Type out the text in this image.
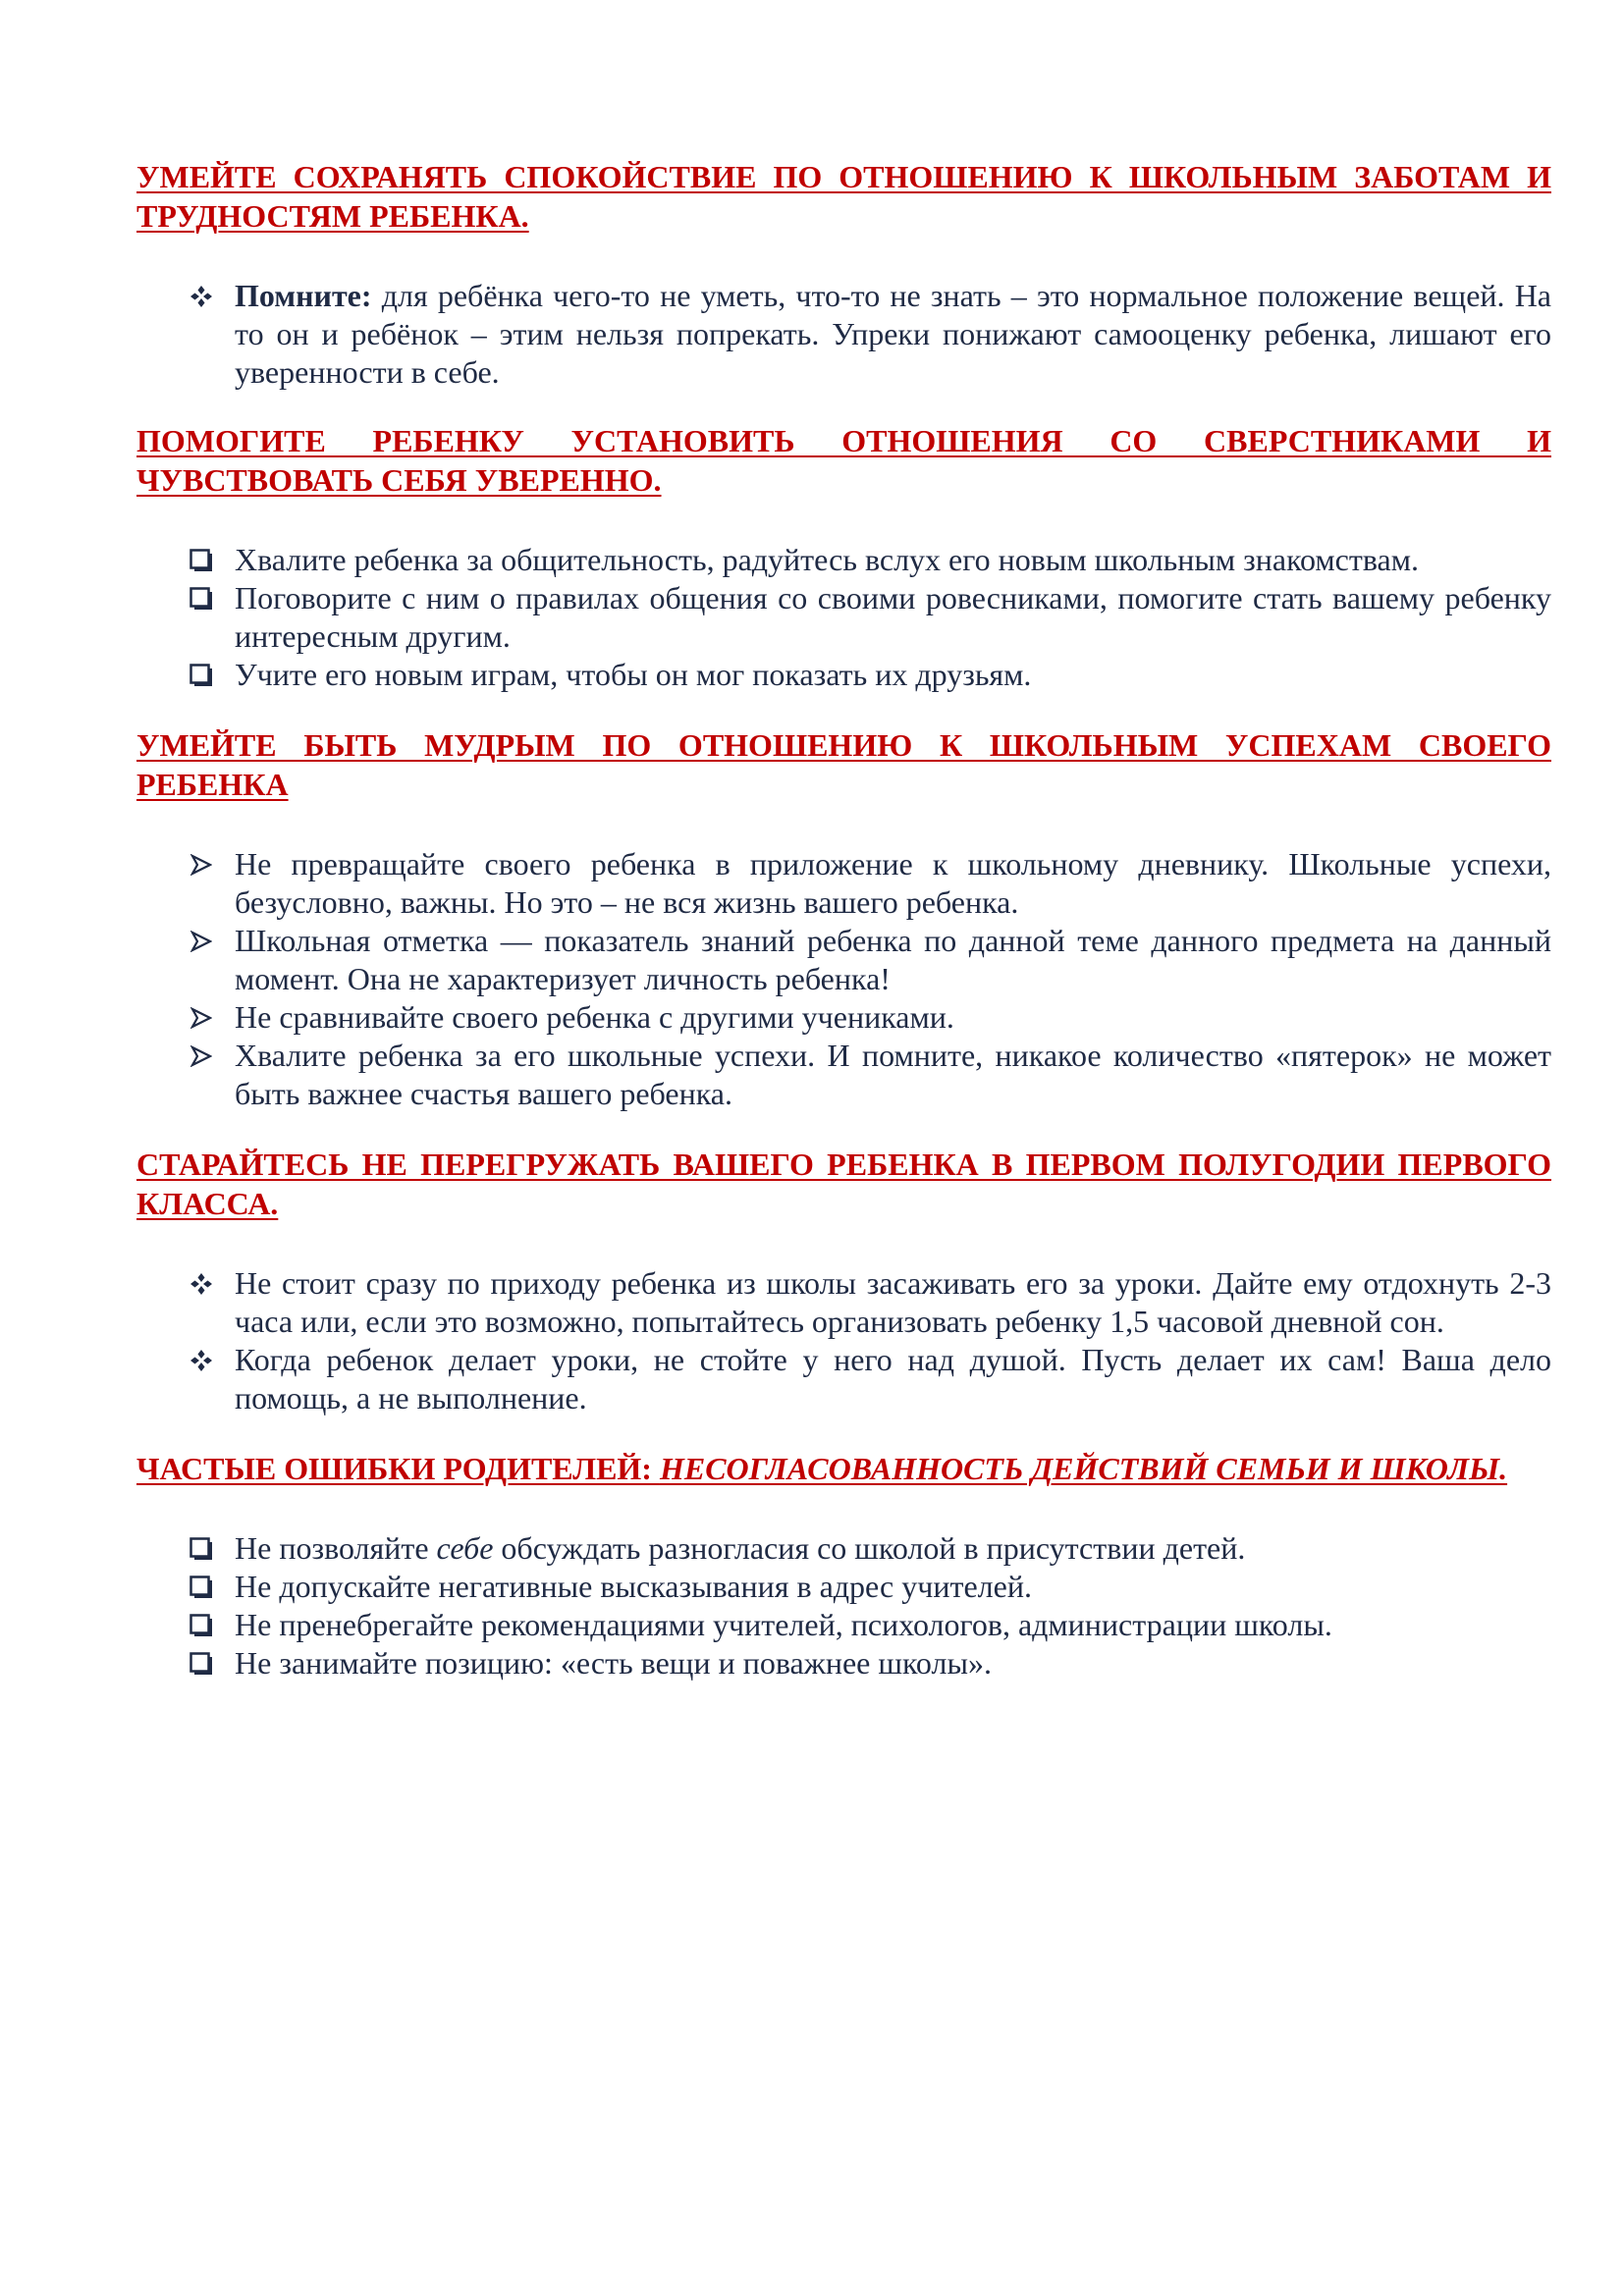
УМЕЙТЕ СОХРАНЯТЬ СПОКОЙСТВИЕ ПО ОТНОШЕНИЮ К ШКОЛЬНЫМ ЗАБОТАМ И ТРУДНОСТЯМ РЕБЕНКА.

Помните: для ребёнка чего-то не уметь, что-то не знать – это нормальное положение вещей. На то он и ребёнок – этим нельзя попрекать. Упреки понижают самооценку ребенка, лишают его уверенности в себе.

ПОМОГИТЕ РЕБЕНКУ УСТАНОВИТЬ ОТНОШЕНИЯ СО СВЕРСТНИКАМИ И ЧУВСТВОВАТЬ СЕБЯ УВЕРЕННО.

Хвалите ребенка за общительность, радуйтесь вслух его новым школьным знакомствам.
Поговорите с ним о правилах общения со своими ровесниками, помогите стать вашему ребенку интересным другим.
Учите его новым играм, чтобы он мог показать их друзьям.

УМЕЙТЕ БЫТЬ МУДРЫМ ПО ОТНОШЕНИЮ К ШКОЛЬНЫМ УСПЕХАМ СВОЕГО РЕБЕНКА

Не превращайте своего ребенка в приложение к школьному дневнику. Школьные успехи, безусловно, важны. Но это – не вся жизнь вашего ребенка.
Школьная отметка — показатель знаний ребенка по данной теме данного предмета на данный момент. Она не характеризует личность ребенка!
Не сравнивайте своего ребенка с другими учениками.
Хвалите ребенка за его школьные успехи. И помните, никакое количество «пятерок» не может быть важнее счастья вашего ребенка.

СТАРАЙТЕСЬ НЕ ПЕРЕГРУЖАТЬ ВАШЕГО РЕБЕНКА В ПЕРВОМ ПОЛУГОДИИ ПЕРВОГО КЛАССА.

Не стоит сразу по приходу ребенка из школы засаживать его за уроки. Дайте ему отдохнуть 2-3 часа или, если это возможно, попытайтесь организовать ребенку 1,5 часовой дневной сон.
Когда ребенок делает уроки, не стойте у него над душой. Пусть делает их сам! Ваша дело помощь, а не выполнение.

ЧАСТЫЕ ОШИБКИ РОДИТЕЛЕЙ: НЕСОГЛАСОВАННОСТЬ ДЕЙСТВИЙ СЕМЬИ И ШКОЛЫ.

Не позволяйте себе обсуждать разногласия со школой в присутствии детей.
Не допускайте негативные высказывания в адрес учителей.
Не пренебрегайте рекомендациями учителей, психологов, администрации школы.
Не занимайте позицию: «есть вещи и поважнее школы».
